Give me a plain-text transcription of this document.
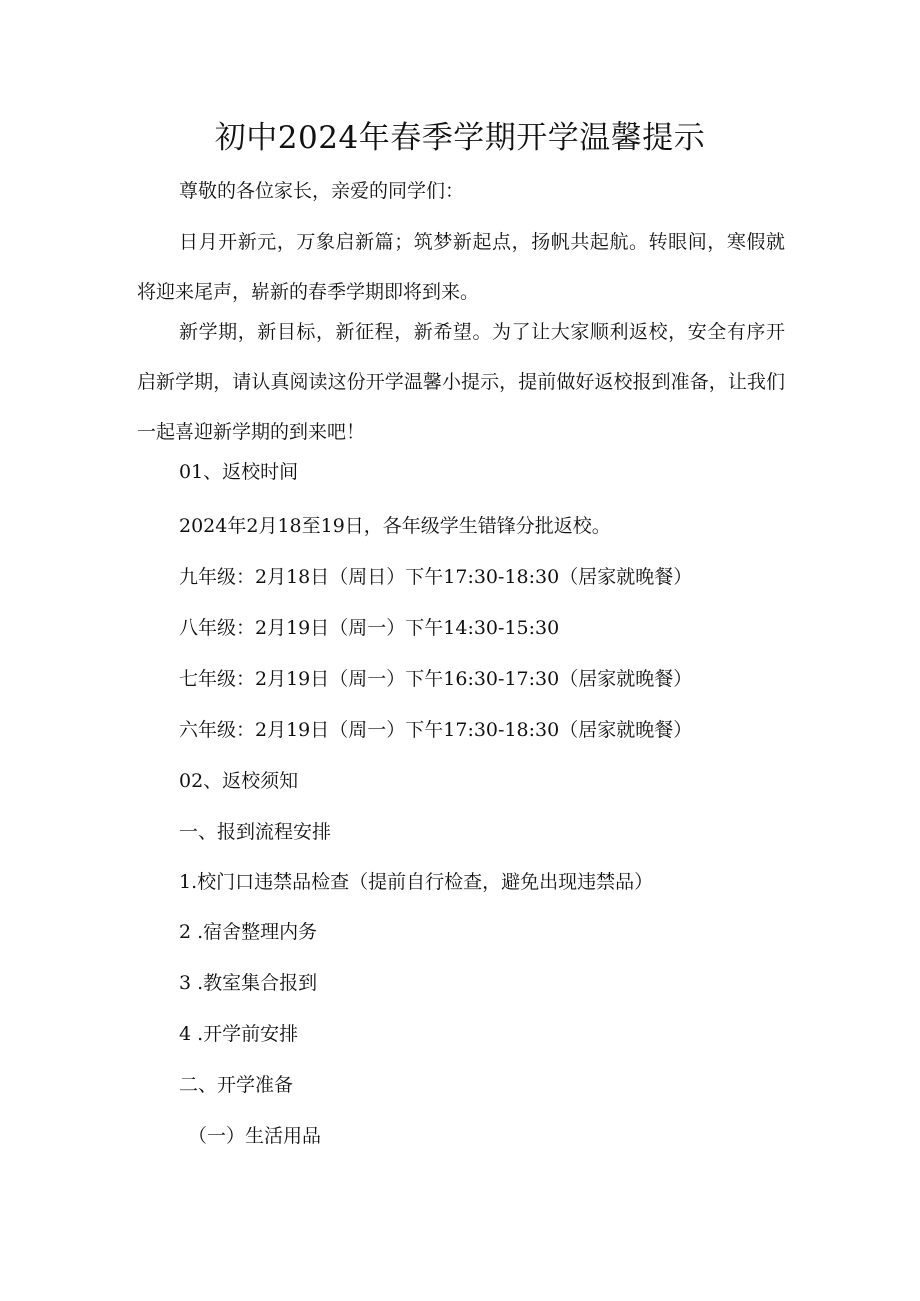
初中2024年春季学期开学温馨提示

尊敬的各位家长，亲爱的同学们：

日月开新元，万象启新篇；筑梦新起点，扬帆共起航。转眼间，寒假就将迎来尾声，崭新的春季学期即将到来。

新学期，新目标，新征程，新希望。为了让大家顺利返校，安全有序开启新学期，请认真阅读这份开学温馨小提示，提前做好返校报到准备，让我们一起喜迎新学期的到来吧！

01、返校时间

2024年2月18至19日，各年级学生错锋分批返校。

九年级：2月18日（周日）下午17:30-18:30（居家就晚餐）

八年级：2月19日（周一）下午14:30-15:30

七年级：2月19日（周一）下午16:30-17:30（居家就晚餐）

六年级：2月19日（周一）下午17:30-18:30（居家就晚餐）

02、返校须知

一、报到流程安排

1.校门口违禁品检查（提前自行检查，避免出现违禁品）

2 .宿舍整理内务

3 .教室集合报到

4 .开学前安排

二、开学准备

（一）生活用品
